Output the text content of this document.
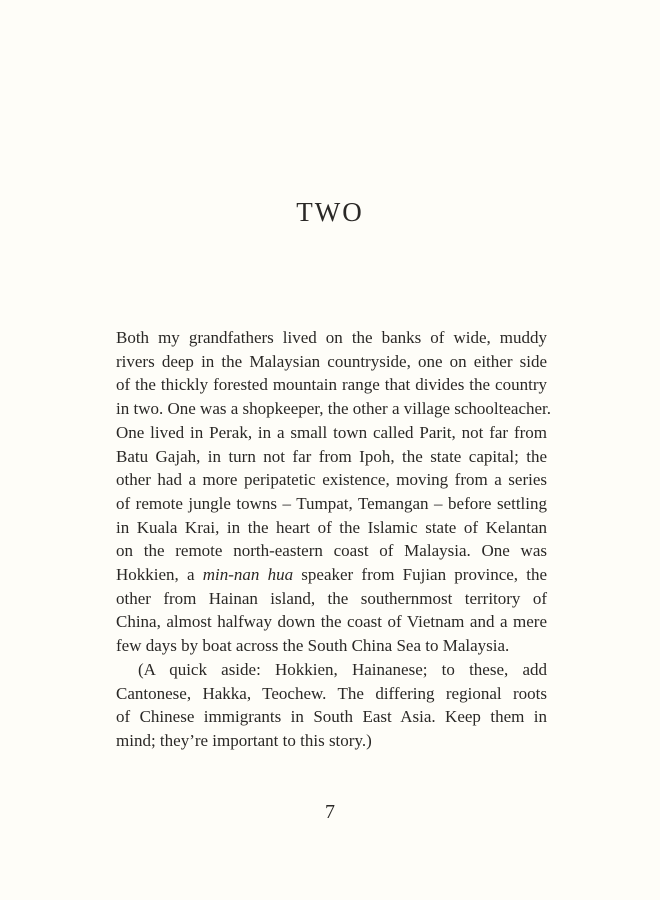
TWO
Both my grandfathers lived on the banks of wide, muddy
rivers deep in the Malaysian countryside, one on either side
of the thickly forested mountain range that divides the country
in two. One was a shopkeeper, the other a village schoolteacher.
One lived in Perak, in a small town called Parit, not far from
Batu Gajah, in turn not far from Ipoh, the state capital; the
other had a more peripatetic existence, moving from a series
of remote jungle towns – Tumpat, Temangan – before settling
in Kuala Krai, in the heart of the Islamic state of Kelantan
on the remote north-eastern coast of Malaysia. One was
Hokkien, a min-nan hua speaker from Fujian province, the
other from Hainan island, the southernmost territory of
China, almost halfway down the coast of Vietnam and a mere
few days by boat across the South China Sea to Malaysia.
(A quick aside: Hokkien, Hainanese; to these, add
Cantonese, Hakka, Teochew. The differing regional roots
of Chinese immigrants in South East Asia. Keep them in
mind; they’re important to this story.)
7
